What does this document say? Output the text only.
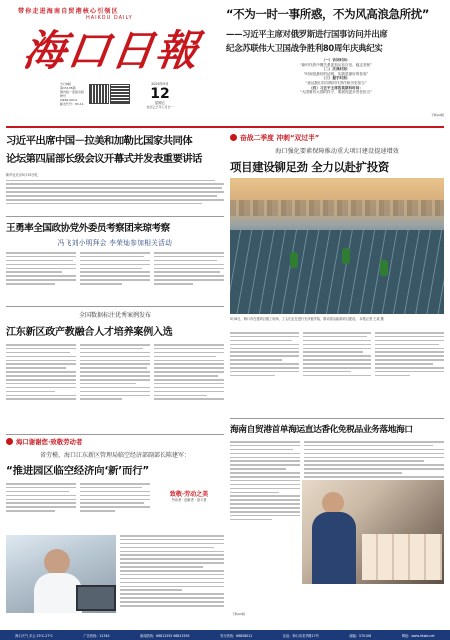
带你走进海南自贸港核心引领区
海口日報
HAIKOU DAILY
今日8版
第15135期
国内统一连续出版物号
CN46-0014
邮发代号：83-11
2025年9月
12
星期五
农历乙巳年七月廿一
“不为一时一事所惑，不为风高浪急所扰”
——习近平主席对俄罗斯进行国事访问并出席
纪念苏联伟大卫国战争胜利80周年庆典纪实
（一）访问时间：
“新时代的中俄关系更加从容自信，稳定坚韧”
（二）庆典时刻：
“时间是最好的证明，实践是最好的检验”
（三）握手时刻：
“表达我们共同的时代责任和历史担当”
（四）习近平主席的莫斯科时间：
“大国要有大国的样子，要展现更多责任担当”
下转A2版
习近平出席中国－拉美和加勒比国家共同体
论坛第四届部长级会议开幕式并发表重要讲话
新华社北京5月13日电
王勇率全国政协党外委员考察团来琼考察
冯飞刘小明拜会 李荣灿参加相关活动
全国数据标注优秀案例发布
江东新区政产教融合人才培养案例入选
海口谢谢您·致敬劳动者
省劳模、海口江东新区管理局临空经济部副部长陈建军：
“推进园区临空经济向‘新’而行”
致敬·劳动之美
劳动者 · 创新者 · 奋斗者
奋战二季度 冲刺“双过半”
海口强化要素保障推动重大项目建设提速增效
项目建设铆足劲 全力以赴扩投资
5月8日，海口市在建项目施工现场，工人们正在进行光伏板安装，推动清洁能源项目建设。 本报记者 王欢 摄
海南自贸港首单海运直达香化免税品业务落地海口
下转A2版
海口天气 多云 23℃-27℃	广告热线：12345	新闻热线：66812555 66813555	发行热线：66858012	社址：海口市龙华路17号	邮编：570106	网址：www.hkwb.net
